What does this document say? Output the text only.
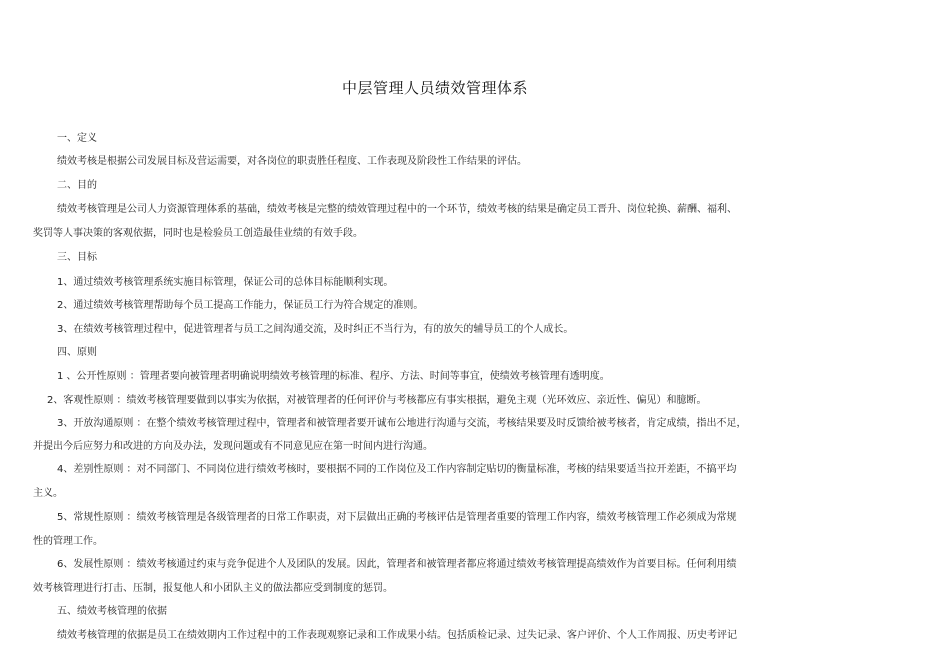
中层管理人员绩效管理体系
一、定义
绩效考核是根据公司发展目标及营运需要，对各岗位的职责胜任程度、工作表现及阶段性工作结果的评估。
二、目的
绩效考核管理是公司人力资源管理体系的基础，绩效考核是完整的绩效管理过程中的一个环节，绩效考核的结果是确定员工晋升、岗位轮换、薪酬、福利、
奖罚等人事决策的客观依据，同时也是检验员工创造最佳业绩的有效手段。
三、目标
1、通过绩效考核管理系统实施目标管理，保证公司的总体目标能顺利实现。
2、通过绩效考核管理帮助每个员工提高工作能力，保证员工行为符合规定的准则。
3、在绩效考核管理过程中，促进管理者与员工之间沟通交流，及时纠正不当行为，有的放矢的辅导员工的个人成长。
四、原则
1 、公开性原则 ：管理者要向被管理者明确说明绩效考核管理的标准、程序、方法、时间等事宜，使绩效考核管理有透明度。
2、客观性原则 ：绩效考核管理要做到以事实为依据，对被管理者的任何评价与考核都应有事实根据，避免主观（光环效应、亲近性、偏见）和臆断。
3、开放沟通原则 ：在整个绩效考核管理过程中，管理者和被管理者要开诚布公地进行沟通与交流，考核结果要及时反馈给被考核者，肯定成绩，指出不足，
并提出今后应努力和改进的方向及办法，发现问题或有不同意见应在第一时间内进行沟通。
4、差别性原则 ：对不同部门、不同岗位进行绩效考核时，要根据不同的工作岗位及工作内容制定贴切的衡量标准，考核的结果要适当拉开差距，不搞平均
主义。
5、常规性原则 ：绩效考核管理是各级管理者的日常工作职责，对下层做出正确的考核评估是管理者重要的管理工作内容，绩效考核管理工作必须成为常规
性的管理工作。
6、发展性原则 ：绩效考核通过约束与竞争促进个人及团队的发展。因此，管理者和被管理者都应将通过绩效考核管理提高绩效作为首要目标。任何利用绩
效考核管理进行打击、压制，报复他人和小团队主义的做法都应受到制度的惩罚。
五、绩效考核管理的依据
绩效考核管理的依据是员工在绩效期内工作过程中的工作表现观察记录和工作成果小结。包括质检记录、过失记录、客户评价、个人工作周报、历史考评记
